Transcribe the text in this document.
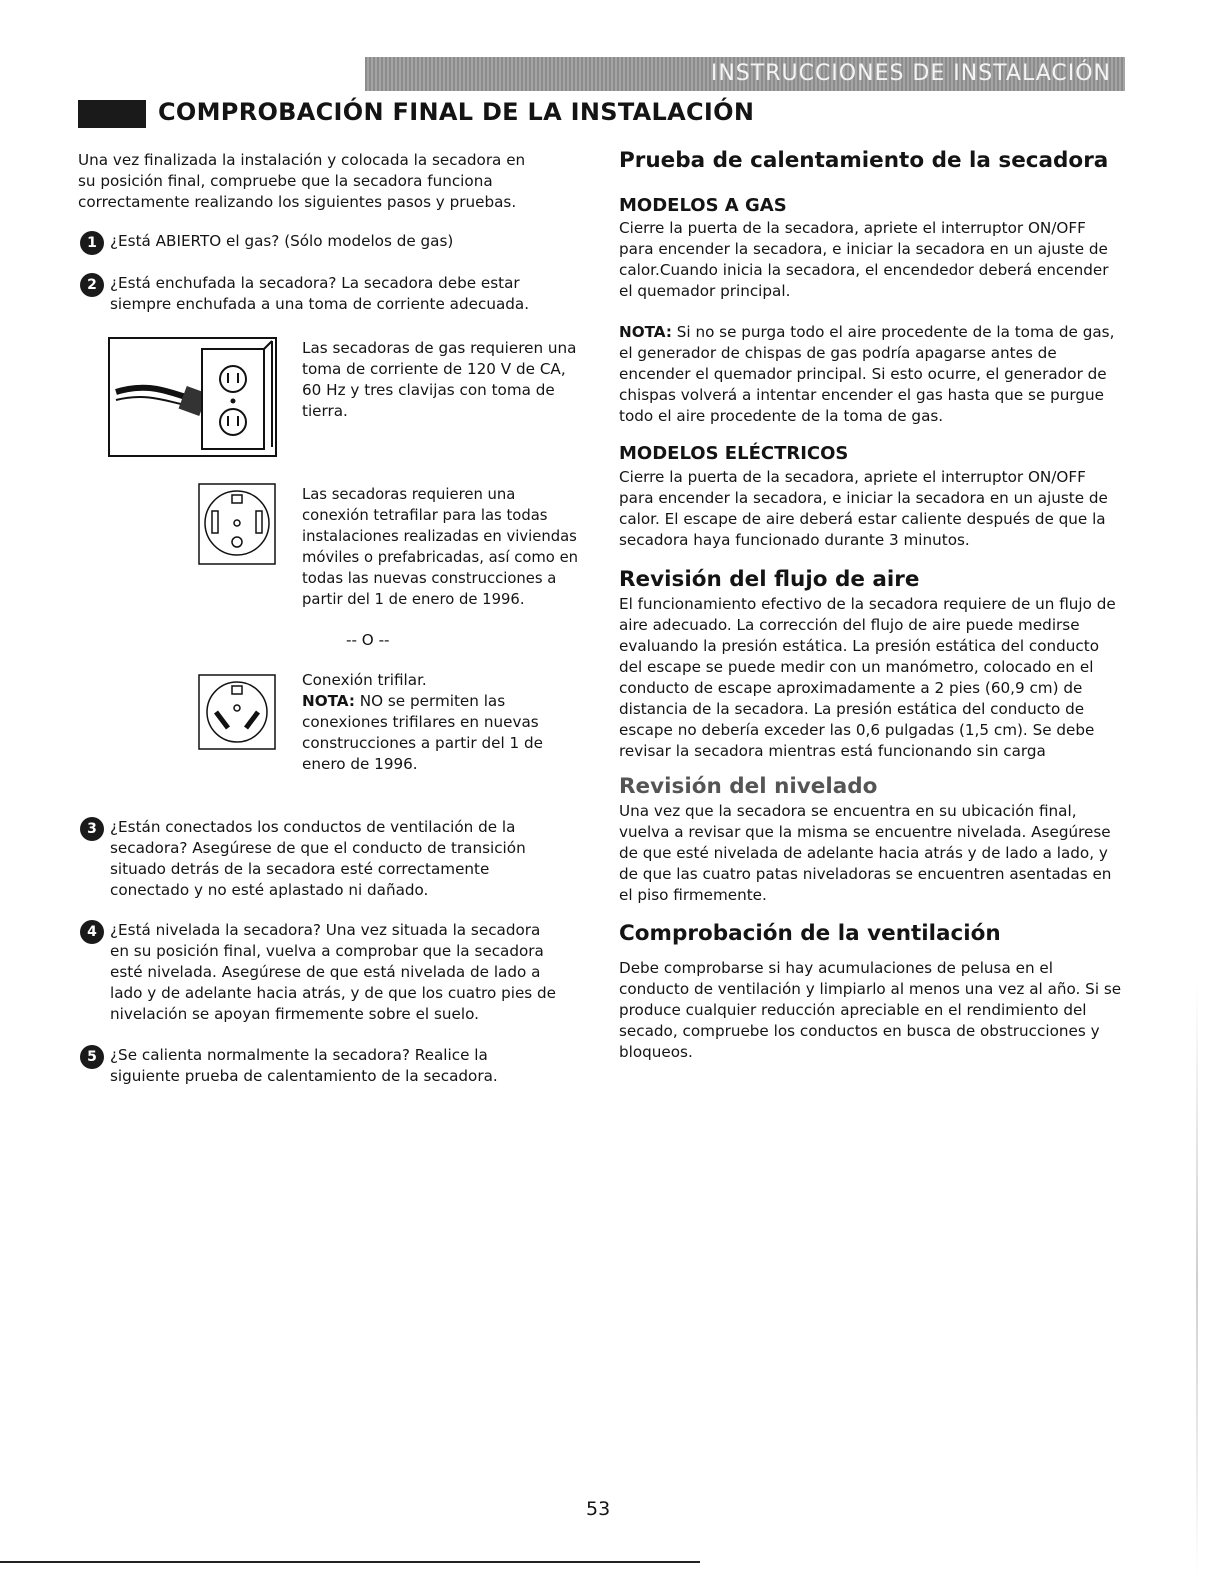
INSTRUCCIONES DE INSTALACIÓN
COMPROBACIÓN FINAL DE LA INSTALACIÓN
Una vez finalizada la instalación y colocada la secadora en su posición final, compruebe que la secadora funciona correctamente realizando los siguientes pasos y pruebas.
1 ¿Está ABIERTO el gas? (Sólo modelos de gas)
2 ¿Está enchufada la secadora? La secadora debe estar siempre enchufada a una toma de corriente adecuada.
Las secadoras de gas requieren una toma de corriente de 120 V de CA, 60 Hz y tres clavijas con toma de tierra.
Las secadoras requieren una conexión tetrafilar para las todas instalaciones realizadas en viviendas móviles o prefabricadas, así como en todas las nuevas construcciones a partir del 1 de enero de 1996.
-- O --
Conexión trifilar.
NOTA: NO se permiten las conexiones trifilares en nuevas construcciones a partir del 1 de enero de 1996.
3 ¿Están conectados los conductos de ventilación de la secadora? Asegúrese de que el conducto de transición situado detrás de la secadora esté correctamente conectado y no esté aplastado ni dañado.
4 ¿Está nivelada la secadora? Una vez situada la secadora en su posición final, vuelva a comprobar que la secadora esté nivelada. Asegúrese de que está nivelada de lado a lado y de adelante hacia atrás, y de que los cuatro pies de nivelación se apoyan firmemente sobre el suelo.
5 ¿Se calienta normalmente la secadora? Realice la siguiente prueba de calentamiento de la secadora.
Prueba de calentamiento de la secadora
MODELOS A GAS
Cierre la puerta de la secadora, apriete el interruptor ON/OFF para encender la secadora, e iniciar la secadora en un ajuste de calor.Cuando inicia la secadora, el encendedor deberá encender el quemador principal.
NOTA: Si no se purga todo el aire procedente de la toma de gas, el generador de chispas de gas podría apagarse antes de encender el quemador principal. Si esto ocurre, el generador de chispas volverá a intentar encender el gas hasta que se purgue todo el aire procedente de la toma de gas.
MODELOS ELÉCTRICOS
Cierre la puerta de la secadora, apriete el interruptor ON/OFF para encender la secadora, e iniciar la secadora en un ajuste de calor. El escape de aire deberá estar caliente después de que la secadora haya funcionado durante 3 minutos.
Revisión del flujo de aire
El funcionamiento efectivo de la secadora requiere de un flujo de aire adecuado. La corrección del flujo de aire puede medirse evaluando la presión estática. La presión estática del conducto del escape se puede medir con un manómetro, colocado en el conducto de escape aproximadamente a 2 pies (60,9 cm) de distancia de la secadora. La presión estática del conducto de escape no debería exceder las 0,6 pulgadas (1,5 cm). Se debe revisar la secadora mientras está funcionando sin carga
Revisión del nivelado
Una vez que la secadora se encuentra en su ubicación final, vuelva a revisar que la misma se encuentre nivelada. Asegúrese de que esté nivelada de adelante hacia atrás y de lado a lado, y de que las cuatro patas niveladoras se encuentren asentadas en el piso firmemente.
Comprobación de la ventilación
Debe comprobarse si hay acumulaciones de pelusa en el conducto de ventilación y limpiarlo al menos una vez al año. Si se produce cualquier reducción apreciable en el rendimiento del secado, compruebe los conductos en busca de obstrucciones y bloqueos.
53
